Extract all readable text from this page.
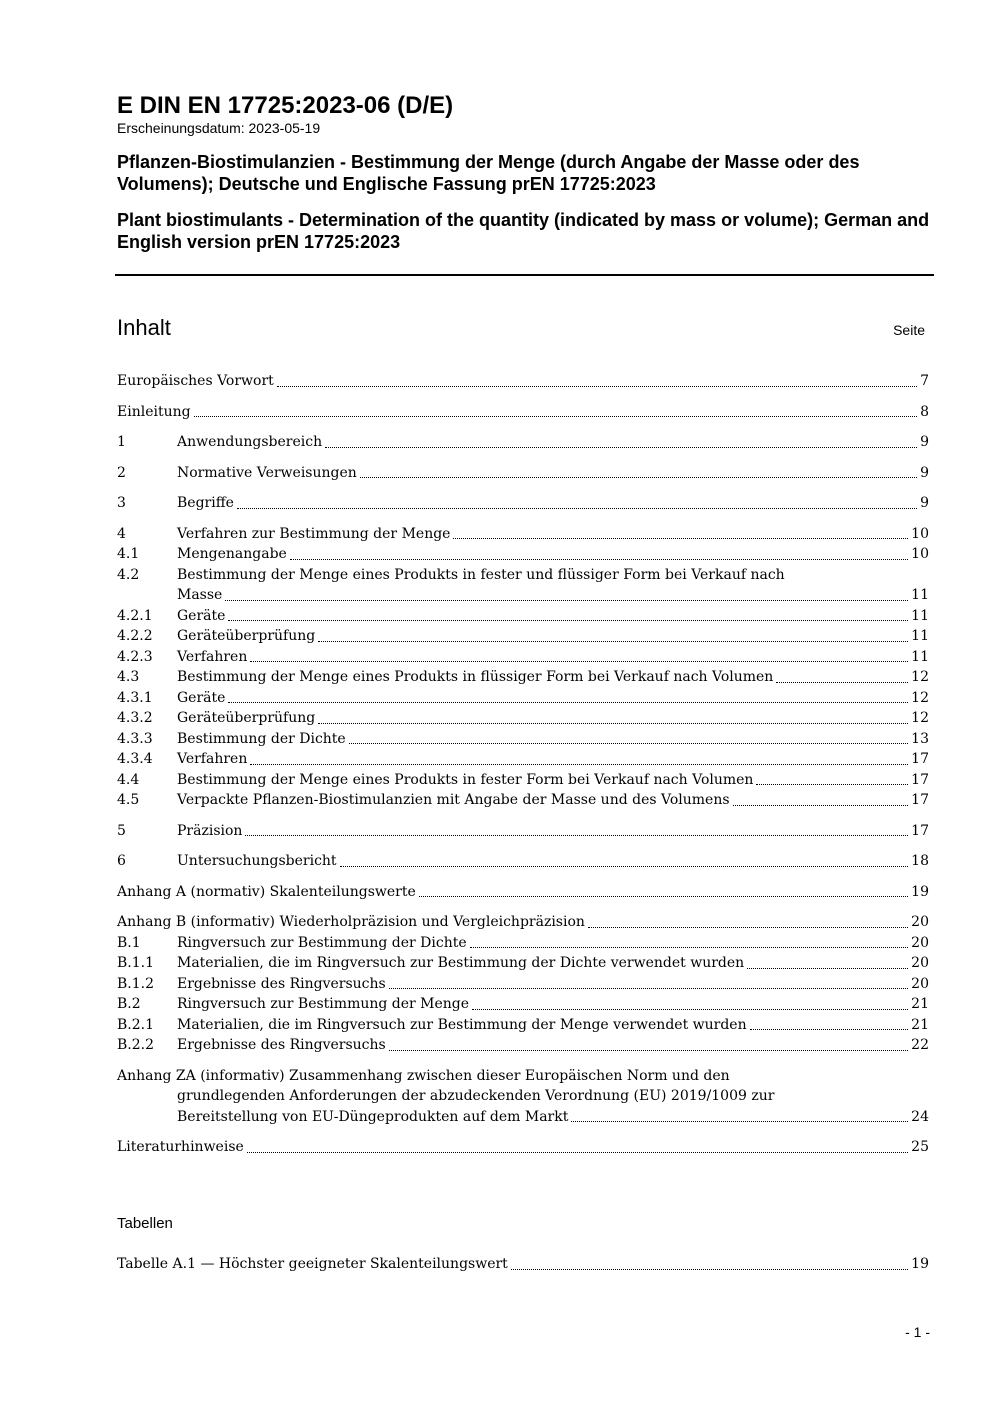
E DIN EN 17725:2023-06 (D/E)
Erscheinungsdatum: 2023-05-19
Pflanzen-Biostimulanzien - Bestimmung der Menge (durch Angabe der Masse oder des Volumens); Deutsche und Englische Fassung prEN 17725:2023
Plant biostimulants - Determination of the quantity (indicated by mass or volume); German and English version prEN 17725:2023
Inhalt	Seite
Europäisches Vorwort	7
Einleitung	8
1	Anwendungsbereich	9
2	Normative Verweisungen	9
3	Begriffe	9
4	Verfahren zur Bestimmung der Menge	10
4.1	Mengenangabe	10
4.2	Bestimmung der Menge eines Produkts in fester und flüssiger Form bei Verkauf nach
Masse	11
4.2.1	Geräte	11
4.2.2	Geräteüberprüfung	11
4.2.3	Verfahren	11
4.3	Bestimmung der Menge eines Produkts in flüssiger Form bei Verkauf nach Volumen	12
4.3.1	Geräte	12
4.3.2	Geräteüberprüfung	12
4.3.3	Bestimmung der Dichte	13
4.3.4	Verfahren	17
4.4	Bestimmung der Menge eines Produkts in fester Form bei Verkauf nach Volumen	17
4.5	Verpackte Pflanzen-Biostimulanzien mit Angabe der Masse und des Volumens	17
5	Präzision	17
6	Untersuchungsbericht	18
Anhang A (normativ) Skalenteilungswerte	19
Anhang B (informativ) Wiederholpräzision und Vergleichpräzision	20
B.1	Ringversuch zur Bestimmung der Dichte	20
B.1.1	Materialien, die im Ringversuch zur Bestimmung der Dichte verwendet wurden	20
B.1.2	Ergebnisse des Ringversuchs	20
B.2	Ringversuch zur Bestimmung der Menge	21
B.2.1	Materialien, die im Ringversuch zur Bestimmung der Menge verwendet wurden	21
B.2.2	Ergebnisse des Ringversuchs	22
Anhang ZA (informativ) Zusammenhang zwischen dieser Europäischen Norm und den
grundlegenden Anforderungen der abzudeckenden Verordnung (EU) 2019/1009 zur
Bereitstellung von EU-Düngeprodukten auf dem Markt	24
Literaturhinweise	25
Tabellen
Tabelle A.1 — Höchster geeigneter Skalenteilungswert	19
- 1 -
